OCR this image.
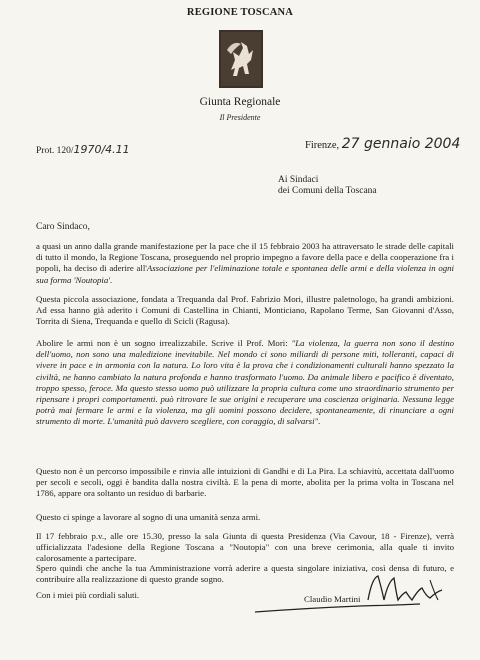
REGIONE TOSCANA
Giunta Regionale
Il Presidente
Prot. 120/1970/4.11	Firenze, 27 gennaio 2004
Ai Sindaci
dei Comuni della Toscana
Caro Sindaco,
a quasi un anno dalla grande manifestazione per la pace che il 15 febbraio 2003 ha attraversato le strade delle capitali di tutto il mondo, la Regione Toscana, proseguendo nel proprio impegno a favore della pace e della cooperazione fra i popoli, ha deciso di aderire all'Associazione per l'eliminazione totale e spontanea delle armi e della violenza in ogni sua forma 'Noutopia'.
Questa piccola associazione, fondata a Trequanda dal Prof. Fabrizio Mori, illustre paletnologo, ha grandi ambizioni. Ad essa hanno già aderito i Comuni di Castellina in Chianti, Monticiano, Rapolano Terme, San Giovanni d'Asso, Torrita di Siena, Trequanda e quello di Scicli (Ragusa).
Abolire le armi non è un sogno irrealizzabile. Scrive il Prof. Mori: "La violenza, la guerra non sono il destino dell'uomo, non sono una maledizione inevitabile. Nel mondo ci sono miliardi di persone miti, tolleranti, capaci di vivere in pace e in armonia con la natura. Lo loro vita è la prova che i condizionamenti culturali hanno spezzato la civiltà, ne hanno cambiato la natura profonda e hanno trasformato l'uomo. Da animale libero e pacifico è diventato, troppo spesso, feroce. Ma questo stesso uomo può utilizzare la propria cultura come uno straordinario strumento per ripensare i propri comportamenti. può ritrovare le sue origini e recuperare una coscienza originaria. Nessuna legge potrà mai fermare le armi e la violenza, ma gli uomini possono decidere, spontaneamente, di rinunciare a ogni strumento di morte. L'umanità può davvero scegliere, con coraggio, di salvarsi".
Questo non è un percorso impossibile e rinvia alle intuizioni di Gandhi e di La Pira. La schiavitù, accettata dall'uomo per secoli e secoli, oggi è bandita dalla nostra civiltà. E la pena di morte, abolita per la prima volta in Toscana nel 1786, appare ora soltanto un residuo di barbarie.
Questo ci spinge a lavorare al sogno di una umanità senza armi.
Il 17 febbraio p.v., alle ore 15.30, presso la sala Giunta di questa Presidenza (Via Cavour, 18 - Firenze), verrà ufficializzata l'adesione della Regione Toscana a "Noutopia" con una breve cerimonia, alla quale ti invito calorosamente a partecipare.
Spero quindi che anche la tua Amministrazione vorrà aderire a questa singolare iniziativa, così densa di futuro, e contribuire alla realizzazione di questo grande sogno.
Con i miei più cordiali saluti.	Claudio Martini
